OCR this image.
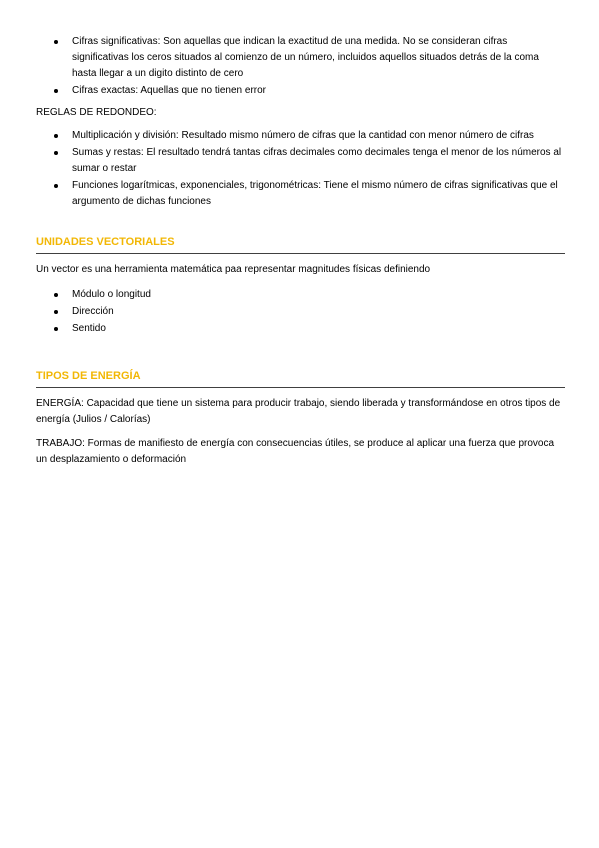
Cifras significativas: Son aquellas que indican la exactitud de una medida. No se consideran cifras significativas los ceros situados al comienzo de un número, incluidos aquellos situados detrás de la coma hasta llegar a un digito distinto de cero
Cifras exactas: Aquellas que no tienen error

REGLAS DE REDONDEO:

Multiplicación y división: Resultado mismo número de cifras que la cantidad con menor número de cifras
Sumas y restas: El resultado tendrá tantas cifras decimales como decimales tenga el menor de los números al sumar o restar
Funciones logarítmicas, exponenciales, trigonométricas: Tiene el mismo número de cifras significativas que el argumento de dichas funciones
UNIDADES VECTORIALES

Un vector es una herramienta matemática paa representar magnitudes físicas definiendo

Módulo o longitud
Dirección
Sentido
TIPOS DE ENERGÍA

ENERGÍA: Capacidad que tiene un sistema para producir trabajo, siendo liberada y transformándose en otros tipos de energía (Julios / Calorías)

TRABAJO: Formas de manifiesto de energía con consecuencias útiles, se produce al aplicar una fuerza que provoca un desplazamiento o deformación
